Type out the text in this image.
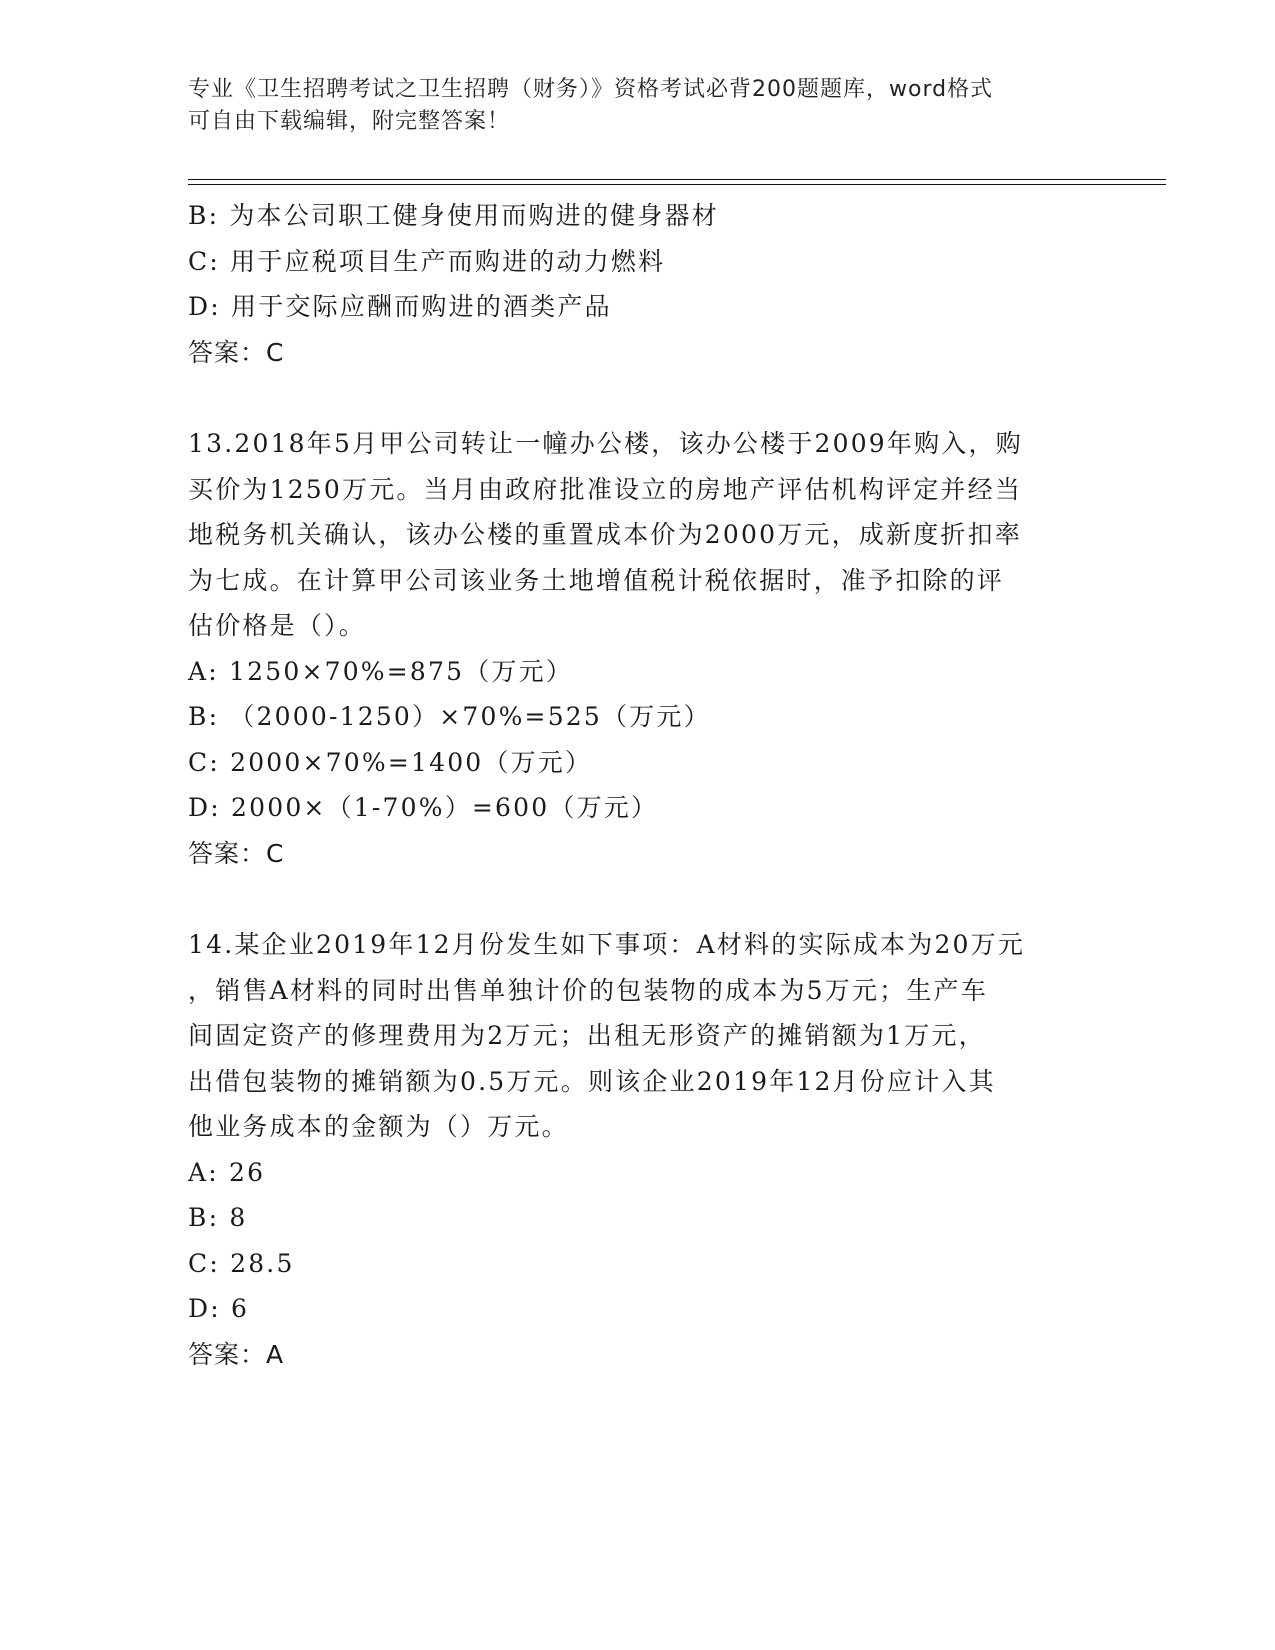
专业《卫生招聘考试之卫生招聘（财务）》资格考试必背200题题库，word格式
可自由下载编辑，附完整答案！
B: 为本公司职工健身使用而购进的健身器材
C: 用于应税项目生产而购进的动力燃料
D: 用于交际应酬而购进的酒类产品
答案：C
13.2018年5月甲公司转让一幢办公楼，该办公楼于2009年购入，购
买价为1250万元。当月由政府批准设立的房地产评估机构评定并经当
地税务机关确认，该办公楼的重置成本价为2000万元，成新度折扣率
为七成。在计算甲公司该业务土地增值税计税依据时，准予扣除的评
估价格是（）。
A: 1250×70%=875（万元）
B: （2000-1250）×70%=525（万元）
C: 2000×70%=1400（万元）
D: 2000×（1-70%）=600（万元）
答案：C
14.某企业2019年12月份发生如下事项：A材料的实际成本为20万元
，销售A材料的同时出售单独计价的包装物的成本为5万元；生产车
间固定资产的修理费用为2万元；出租无形资产的摊销额为1万元，
出借包装物的摊销额为0.5万元。则该企业2019年12月份应计入其
他业务成本的金额为（）万元。
A: 26
B: 8
C: 28.5
D: 6
答案：A
